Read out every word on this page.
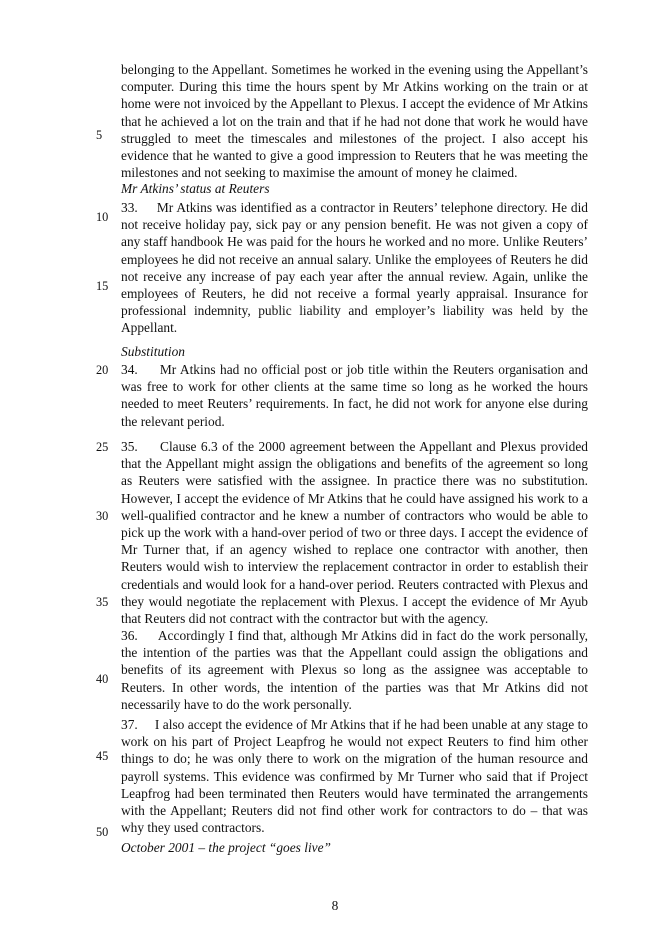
5
10
15
20
25
30
35
40
45
50

belonging to the Appellant. Sometimes he worked in the evening using the Appellant’s computer. During this time the hours spent by Mr Atkins working on the train or at home were not invoiced by the Appellant to Plexus. I accept the evidence of Mr Atkins that he achieved a lot on the train and that if he had not done that work he would have struggled to meet the timescales and milestones of the project. I also accept his evidence that he wanted to give a good impression to Reuters that he was meeting the milestones and not seeking to maximise the amount of money he claimed.

Mr Atkins’ status at Reuters

33.     Mr Atkins was identified as a contractor in Reuters’ telephone directory. He did not receive holiday pay, sick pay or any pension benefit. He was not given a copy of any staff handbook He was paid for the hours he worked and no more. Unlike Reuters’ employees he did not receive an annual salary. Unlike the employees of Reuters he did not receive any increase of pay each year after the annual review. Again, unlike the employees of Reuters, he did not receive a formal yearly appraisal. Insurance for professional indemnity, public liability and employer’s liability was held by the Appellant.

Substitution

34.     Mr Atkins had no official post or job title within the Reuters organisation and was free to work for other clients at the same time so long as he worked the hours needed to meet Reuters’ requirements. In fact, he did not work for anyone else during the relevant period.

35.     Clause 6.3 of the 2000 agreement between the Appellant and Plexus provided that the Appellant might assign the obligations and benefits of the agreement so long as Reuters were satisfied with the assignee. In practice there was no substitution. However, I accept the evidence of Mr Atkins that he could have assigned his work to a well-qualified contractor and he knew a number of contractors who would be able to pick up the work with a hand-over period of two or three days. I accept the evidence of Mr Turner that, if an agency wished to replace one contractor with another, then Reuters would wish to interview the replacement contractor in order to establish their credentials and would look for a hand-over period. Reuters contracted with Plexus and they would negotiate the replacement with Plexus. I accept the evidence of Mr Ayub that Reuters did not contract with the contractor but with the agency.

36.     Accordingly I find that, although Mr Atkins did in fact do the work personally, the intention of the parties was that the Appellant could assign the obligations and benefits of its agreement with Plexus so long as the assignee was acceptable to Reuters. In other words, the intention of the parties was that Mr Atkins did not necessarily have to do the work personally.

37.     I also accept the evidence of Mr Atkins that if he had been unable at any stage to work on his part of Project Leapfrog he would not expect Reuters to find him other things to do; he was only there to work on the migration of the human resource and payroll systems. This evidence was confirmed by Mr Turner who said that if Project Leapfrog had been terminated then Reuters would have terminated the arrangements with the Appellant; Reuters did not find other work for contractors to do – that was why they used contractors.

October 2001 – the project “goes live”

8
